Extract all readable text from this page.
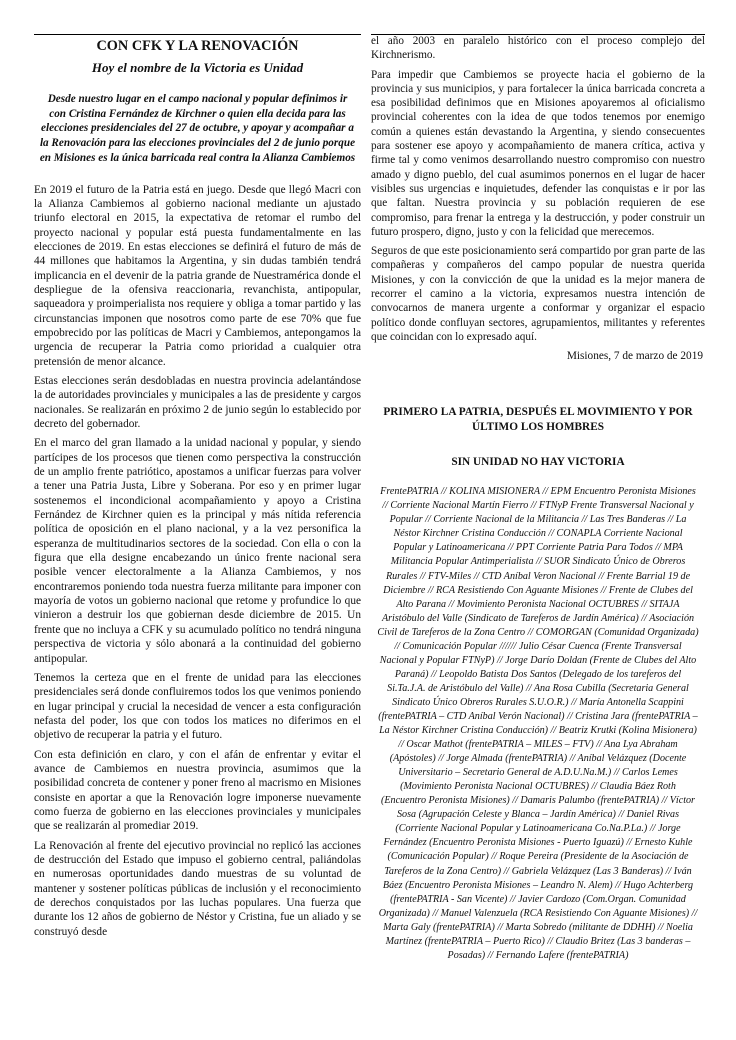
CON CFK Y LA RENOVACIÓN
Hoy el nombre de la Victoria es Unidad
Desde nuestro lugar en el campo nacional y popular definimos ir con Cristina Fernández de Kirchner o quien ella decida para las elecciones presidenciales del 27 de octubre, y apoyar y acompañar a la Renovación para las elecciones provinciales del 2 de junio porque en Misiones es la única barricada real contra la Alianza Cambiemos

En 2019 el futuro de la Patria está en juego. Desde que llegó Macri con la Alianza Cambiemos al gobierno nacional mediante un ajustado triunfo electoral en 2015, la expectativa de retomar el rumbo del proyecto nacional y popular está puesta fundamentalmente en las elecciones de 2019. En estas elecciones se definirá el futuro de más de 44 millones que habitamos la Argentina, y sin dudas también tendrá implicancia en el devenir de la patria grande de Nuestramérica donde el despliegue de la ofensiva reaccionaria, revanchista, antipopular, saqueadora y proimperialista nos requiere y obliga a tomar partido y las circunstancias imponen que nosotros como parte de ese 70% que fue empobrecido por las políticas de Macri y Cambiemos, antepongamos la urgencia de recuperar la Patria como prioridad a cualquier otra pretensión de menor alcance.

Estas elecciones serán desdobladas en nuestra provincia adelantándose la de autoridades provinciales y municipales a las de presidente y cargos nacionales. Se realizarán en próximo 2 de junio según lo establecido por decreto del gobernador.

En el marco del gran llamado a la unidad nacional y popular, y siendo partícipes de los procesos que tienen como perspectiva la construcción de un amplio frente patriótico, apostamos a unificar fuerzas para volver a tener una Patria Justa, Libre y Soberana. Por eso y en primer lugar sostenemos el incondicional acompañamiento y apoyo a Cristina Fernández de Kirchner quien es la principal y más nítida referencia política de oposición en el plano nacional, y a la vez personifica la esperanza de multitudinarios sectores de la sociedad. Con ella o con la figura que ella designe encabezando un único frente nacional sera posible vencer electoralmente a la Alianza Cambiemos, y nos encontraremos poniendo toda nuestra fuerza militante para imponer con mayoría de votos un gobierno nacional que retome y profundice lo que vinieron a destruir los que gobiernan desde diciembre de 2015. Un frente que no incluya a CFK y su acumulado político no tendrá ninguna perspectiva de victoria y sólo abonará a la continuidad del gobierno antipopular.

Tenemos la certeza que en el frente de unidad para las elecciones presidenciales será donde confluiremos todos los que venimos poniendo en lugar principal y crucial la necesidad de vencer a esta configuración nefasta del poder, los que con todos los matices no diferimos en el objetivo de recuperar la patria y el futuro.

Con esta definición en claro, y con el afán de enfrentar y evitar el avance de Cambiemos en nuestra provincia, asumimos que la posibilidad concreta de contener y poner freno al macrismo en Misiones consiste en aportar a que la Renovación logre imponerse nuevamente como fuerza de gobierno en las elecciones provinciales y municipales que se realizarán al promediar 2019.

La Renovación al frente del ejecutivo provincial no replicó las acciones de destrucción del Estado que impuso el gobierno central, paliándolas en numerosas oportunidades dando muestras de su voluntad de mantener y sostener políticas públicas de inclusión y el reconocimiento de derechos conquistados por las luchas populares. Una fuerza que durante los 12 años de gobierno de Néstor y Cristina, fue un aliado y se construyó desde

el año 2003 en paralelo histórico con el proceso complejo del Kirchnerismo.

Para impedir que Cambiemos se proyecte hacia el gobierno de la provincia y sus municipios, y para fortalecer la única barricada concreta a esa posibilidad definimos que en Misiones apoyaremos al oficialismo provincial coherentes con la idea de que todos tenemos por enemigo común a quienes están devastando la Argentina, y siendo consecuentes para sostener ese apoyo y acompañamiento de manera crítica, activa y firme tal y como venimos desarrollando nuestro compromiso con nuestro amado y digno pueblo, del cual asumimos ponernos en el lugar de hacer visibles sus urgencias e inquietudes, defender las conquistas e ir por las que faltan. Nuestra provincia y su población requieren de ese compromiso, para frenar la entrega y la destrucción, y poder construir un futuro prospero, digno, justo y con la felicidad que merecemos.

Seguros de que este posicionamiento será compartido por gran parte de las compañeras y compañeros del campo popular de nuestra querida Misiones, y con la convicción de que la unidad es la mejor manera de recorrer el camino a la victoria, expresamos nuestra intención de convocarnos de manera urgente a conformar y organizar el espacio político donde confluyan sectores, agrupamientos, militantes y referentes que coincidan con lo expresado aquí.

Misiones, 7 de marzo de 2019
PRIMERO LA PATRIA, DESPUÉS EL MOVIMIENTO Y POR ÚLTIMO LOS HOMBRES
SIN UNIDAD NO HAY VICTORIA
FrentePATRIA // KOLINA MISIONERA // EPM Encuentro Peronista Misiones // Corriente Nacional Martín Fierro // FTNyP Frente Transversal Nacional y Popular // Corriente Nacional de la Militancia // Las Tres Banderas // La Néstor Kirchner Cristina Conducción // CONAPLA Corriente Nacional Popular y Latinoamericana // PPT Corriente Patria Para Todos // MPA Militancia Popular Antimperialista // SUOR Sindicato Único de Obreros Rurales // FTV-Miles // CTD Aníbal Veron Nacional // Frente Barrial 19 de Diciembre // RCA Resistiendo Con Aguante Misiones // Frente de Clubes del Alto Parana // Movimiento Peronista Nacional OCTUBRES // SITAJA Aristóbulo del Valle (Sindicato de Tareferos de Jardín América) // Asociación Civil de Tareferos de la Zona Centro // COMORGAN (Comunidad Organizada) // Comunicación Popular ////// Julio César Cuenca (Frente Transversal Nacional y Popular FTNyP) // Jorge Darío Doldan (Frente de Clubes del Alto Paraná) // Leopoldo Batista Dos Santos (Delegado de los tareferos del Si.Ta.J.A. de Aristóbulo del Valle) // Ana Rosa Cubilla (Secretaria General Sindicato Único Obreros Rurales S.U.O.R.) // María Antonella Scappini (frentePATRIA – CTD Aníbal Verón Nacional) // Cristina Jara (frentePATRIA – La Néstor Kirchner Cristina Conducción) // Beatriz Krutki (Kolina Misionera) // Oscar Mathot (frentePATRIA – MILES – FTV) // Ana Lya Abraham (Apóstoles) // Jorge Almada (frentePATRIA) // Aníbal Velázquez (Docente Universitario – Secretario General de A.D.U.Na.M.) // Carlos Lemes (Movimiento Peronista Nacional OCTUBRES) // Claudia Báez Roth (Encuentro Peronista Misiones) // Damaris Palumbo (frentePATRIA) // Víctor Sosa (Agrupación Celeste y Blanca – Jardín América) // Daniel Rivas (Corriente Nacional Popular y Latinoamericana Co.Na.P.La.) // Jorge Fernández (Encuentro Peronista Misiones - Puerto Iguazú) // Ernesto Kuhle (Comunicación Popular) // Roque Pereira (Presidente de la Asociación de Tareferos de la Zona Centro) // Gabriela Velázquez (Las 3 Banderas) // Iván Báez (Encuentro Peronista Misiones – Leandro N. Alem) // Hugo Achterberg (frentePATRIA - San Vicente) // Javier Cardozo (Com.Organ. Comunidad Organizada) // Manuel Valenzuela (RCA Resistiendo Con Aguante Misiones) // Marta Galy (frentePATRIA) // Marta Sobredo (militante de DDHH) // Noelia Martínez (frentePATRIA – Puerto Rico) // Claudio Britez (Las 3 banderas – Posadas) // Fernando Lafere (frentePATRIA)
